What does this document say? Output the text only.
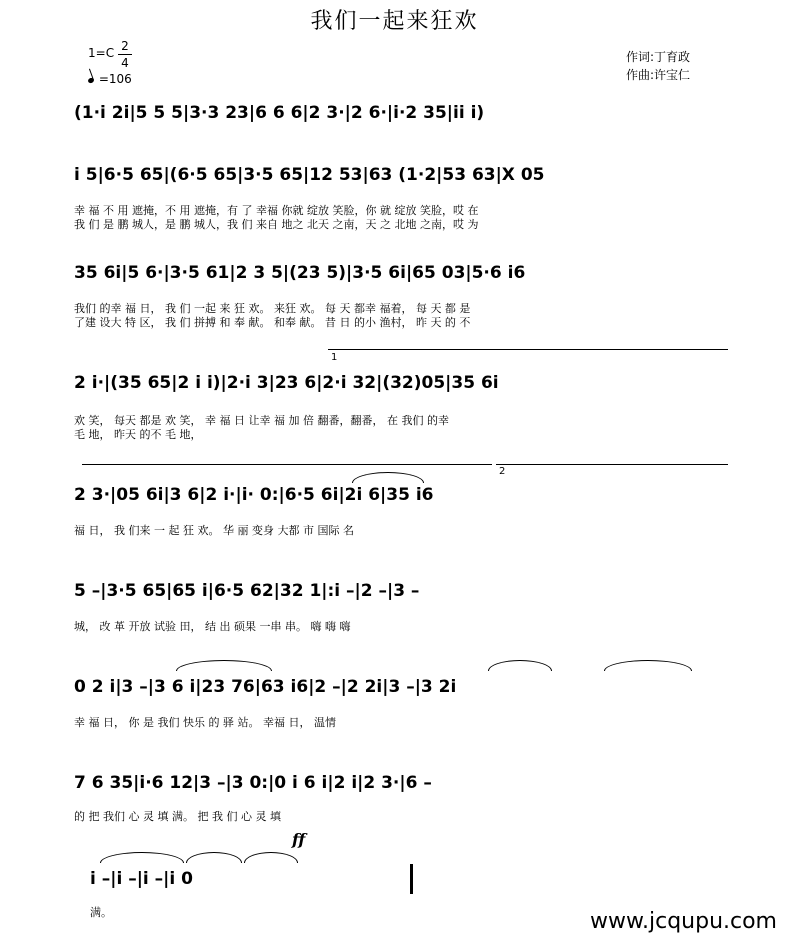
我们一起来狂欢
1=C 2
4
=106
作词:丁育政
作曲:许宝仁
(1·i 2i|5 5 5|3·3 23|6 6 6|2 3·|2 6·|i·2 35|ii i)
i 5|6·5 65|(6·5 65|3·5 65|12 53|63 (1·2|53 63|X 05
幸 福 不 用 遮掩，不 用 遮掩，有 了 幸福 你就 绽放 笑脸，你 就 绽放 笑脸，哎 在
我 们 是 鹏 城人，是 鹏 城人，我 们 来自 地之 北天 之南，天 之 北地 之南，哎 为
35 6i|5 6·|3·5 61|2 3 5|(23 5)|3·5 6i|65 03|5·6 i6
我们 的幸 福 日， 我 们 一起 来 狂 欢。 来狂 欢。 每 天 都幸 福着， 每 天 都 是
了建 设大 特 区， 我 们 拼搏 和 奉 献。 和奉 献。 昔 日 的小 渔村， 昨 天 的 不
1
2 i·|(35 65|2 i i)|2·i 3|23 6|2·i 32|(32)05|35 6i
欢 笑， 每天 都是 欢 笑， 幸 福 日 让幸 福 加 倍 翻番，翻番， 在 我们 的幸
毛 地， 昨天 的不 毛 地，
2
2 3·|05 6i|3 6|2 i·|i· 0:|6·5 6i|2i 6|35 i6
福 日， 我 们来 一 起 狂 欢。 华 丽 变身 大都 市 国际 名
5 –|3·5 65|65 i|6·5 62|32 1|:i –|2 –|3 –
城， 改 革 开放 试验 田， 结 出 硕果 一串 串。 嗨 嗨 嗨
0 2 i|3 –|3 6 i|23 76|63 i6|2 –|2 2i|3 –|3 2i
幸 福 日， 你 是 我们 快乐 的 驿 站。 幸福 日， 温情
7 6 35|i·6 12|3 –|3 0:|0 i 6 i|2 i|2 3·|6 –
的 把 我们 心 灵 填 满。 把 我 们 心 灵 填
ff
i –|i –|i –|i 0
满。	www.jcqupu.com
